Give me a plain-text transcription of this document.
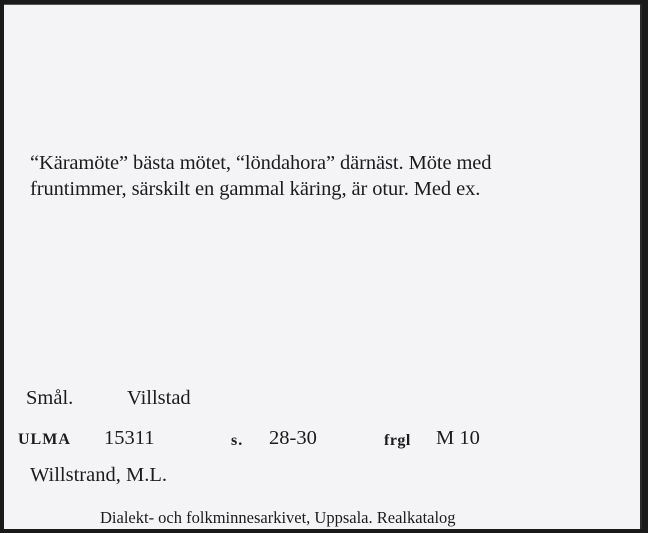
“Käramöte” bästa mötet, “löndahora” därnäst. Möte med
fruntimmer, särskilt en gammal käring, är otur. Med ex.
Smål.	Villstad
ULMA 15311	s. 28-30	frgl M 10
Willstrand, M.L.
Dialekt- och folkminnesarkivet, Uppsala. Realkatalog
